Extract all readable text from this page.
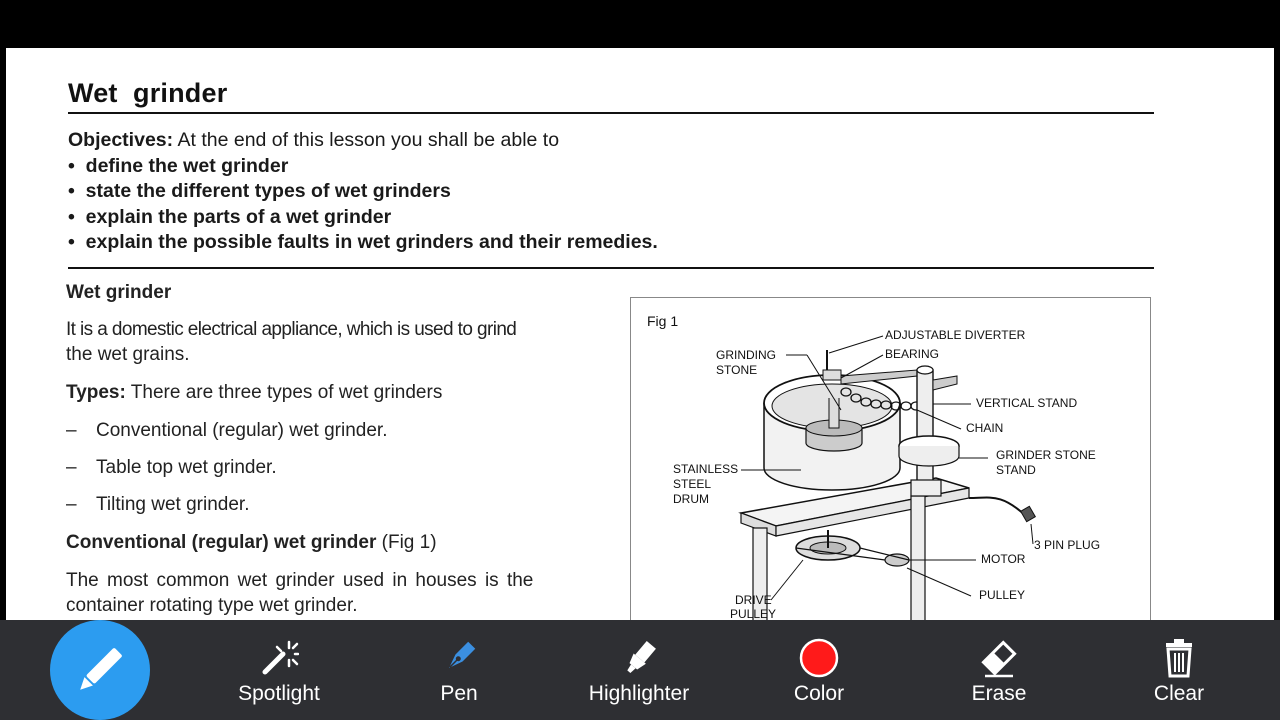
Wet  grinder
Objectives: At the end of this lesson you shall be able to
•  define the wet grinder
•  state the different types of wet grinders
•  explain the parts of a wet grinder
•  explain the possible faults in wet grinders and their remedies.

Wet grinder

It is a domestic electrical appliance, which is used to grind

the wet grains.

Types: There are three types of wet grinders

– Conventional (regular) wet grinder.

– Table top wet grinder.

– Tilting wet grinder.

Conventional (regular) wet grinder (Fig 1)

The most common wet grinder used in houses is the

container rotating type wet grinder.

Fig 1
ADJUSTABLE DIVERTER
BEARING
GRINDING
STONE
VERTICAL STAND
CHAIN
GRINDER STONE
STAND
STAINLESS
STEEL
DRUM
3 PIN PLUG
MOTOR
PULLEY
DRIVE
PULLEY
Spotlight	Pen	Highlighter	Color	Erase	Clear
